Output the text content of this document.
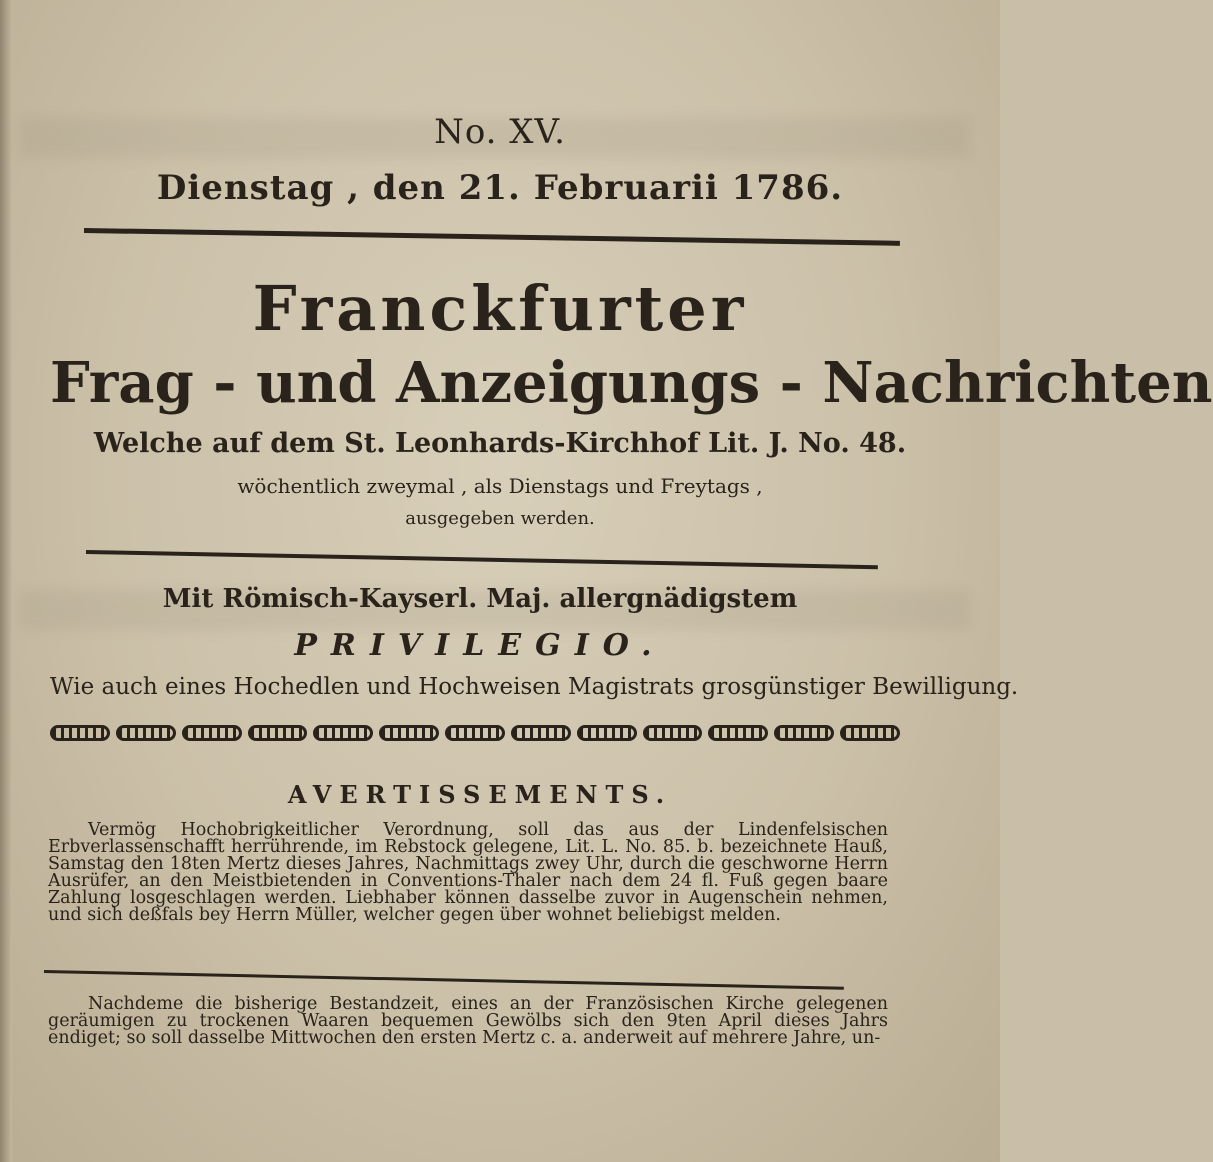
No. XV.
Dienstag , den 21. Februarii 1786.
Franckfurter
Frag - und Anzeigungs - Nachrichten
Welche auf dem St. Leonhards-Kirchhof Lit. J. No. 48.
wöchentlich zweymal , als Dienstags und Freytags ,
ausgegeben werden.
Mit Römisch-Kayserl. Maj. allergnädigstem
PRIVILEGIO.
Wie auch eines Hochedlen und Hochweisen Magistrats grosgünstiger Bewilligung.
AVERTISSEMENTS.

Vermög Hochobrigkeitlicher Verordnung, soll das aus der Lindenfelsischen Erbverlassenschafft herrührende, im Rebstock gelegene, Lit. L. No. 85. b. bezeichnete Hauß, Samstag den 18ten Mertz dieses Jahres, Nachmittags zwey Uhr, durch die geschworne Herrn Ausrüfer, an den Meistbietenden in Conventions-Thaler nach dem 24 fl. Fuß gegen baare Zahlung losgeschlagen werden. Liebhaber können dasselbe zuvor in Augenschein nehmen, und sich deßfals bey Herrn Müller, welcher gegen über wohnet beliebigst melden.

Nachdeme die bisherige Bestandzeit, eines an der Französischen Kirche gelegenen geräumigen zu trockenen Waaren bequemen Gewölbs sich den 9ten April dieses Jahrs endiget; so soll dasselbe Mittwochen den ersten Mertz c. a. anderweit auf mehrere Jahre, un-
